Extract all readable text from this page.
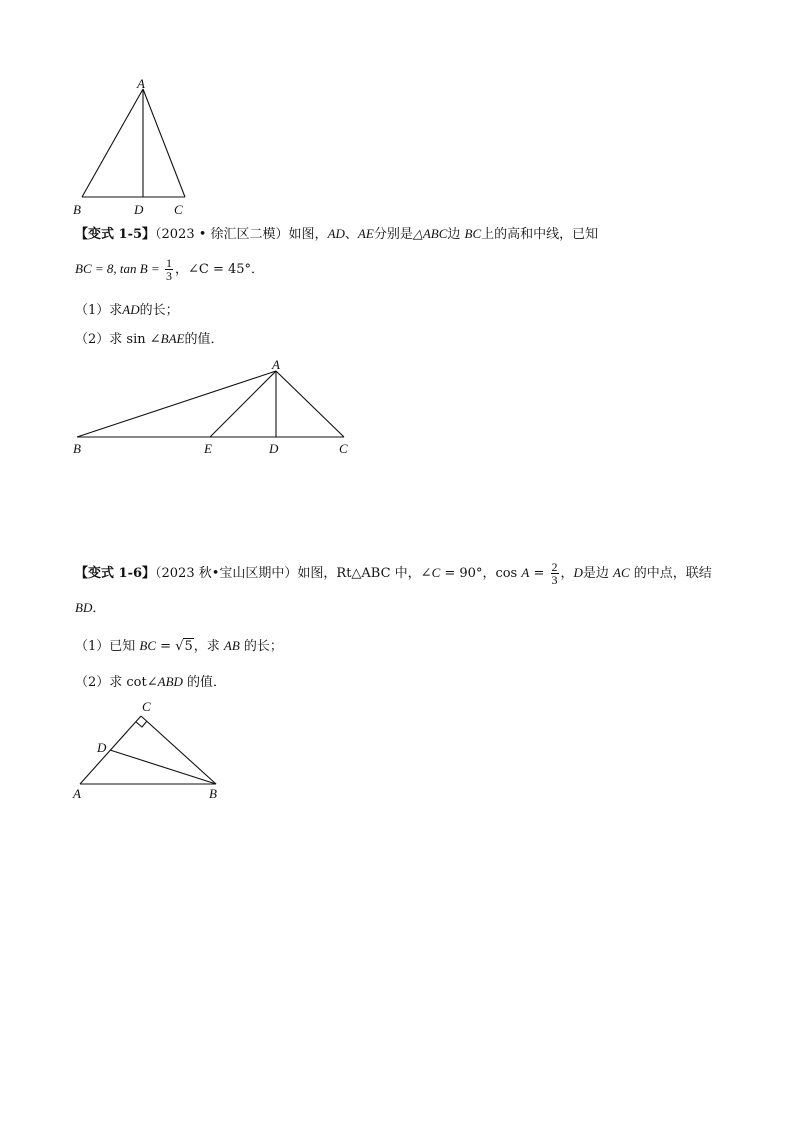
A
B	D C
【变式 1-5】（2023 • 徐汇区二模）如图，AD、AE分别是△ABC边 BC上的高和中线，已知
BC = 8, $\tan B = \frac{1}{3}$ ，∠C = 45°．
（1）求AD的长；
（2）求 sin ∠BAE的值．
A
B	E	D	C
【变式 1-6】（2023 秋•宝山区期中）如图，Rt△ABC 中，∠C = 90°，$\cos A = \frac{2}{3}$ ，D是边 AC 的中点，联结
BD．
（1）已知 BC = √5，求 AB 的长；
（2）求 cot∠ABD 的值．
C
D
A	B
